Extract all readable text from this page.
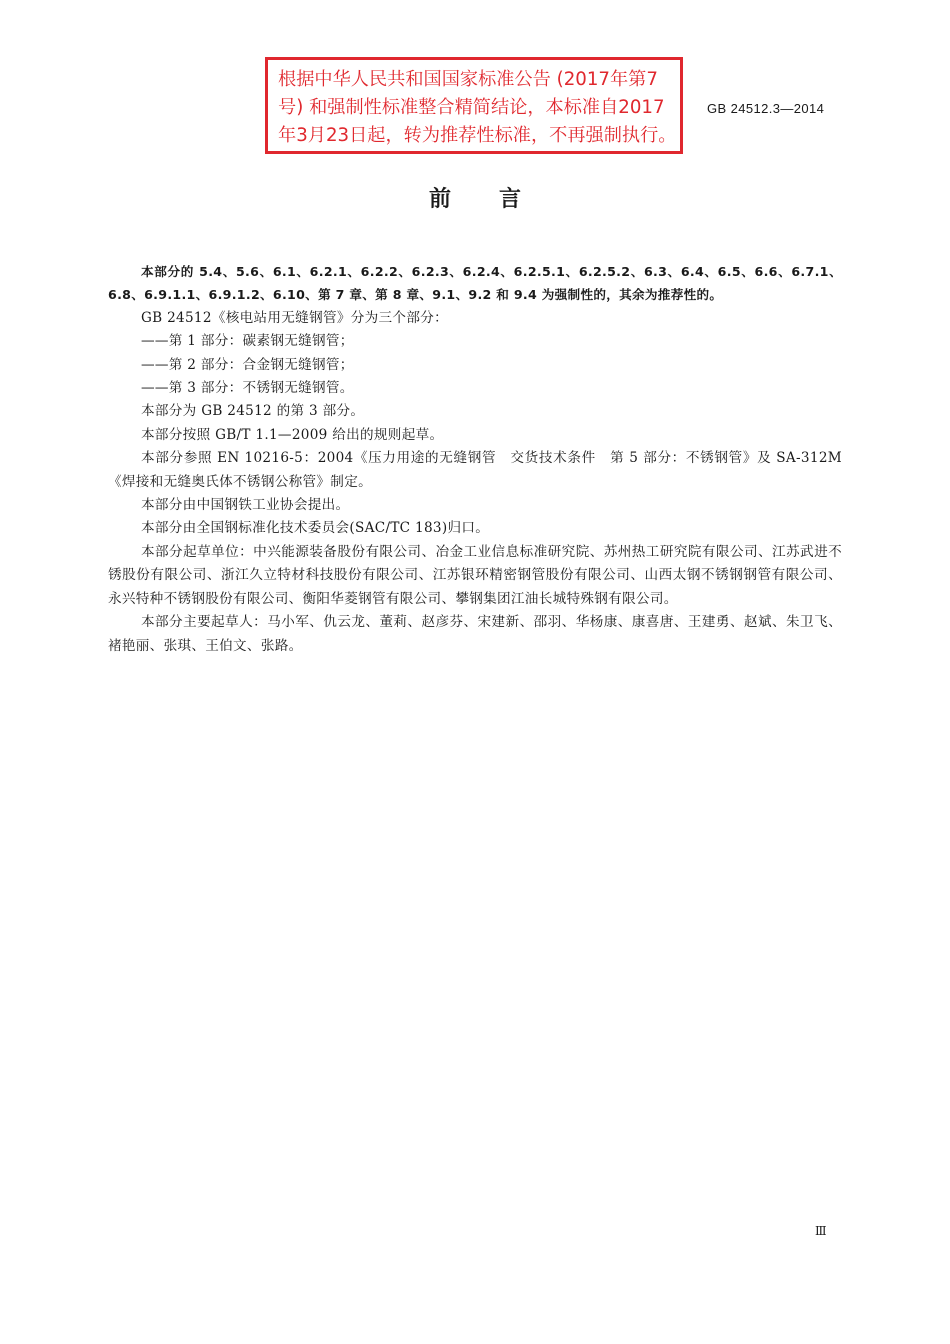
根据中华人民共和国国家标准公告 (2017年第7
号) 和强制性标准整合精简结论，本标准自2017
年3月23日起，转为推荐性标准，不再强制执行。
GB 24512.3—2014
前言

本部分的 5.4、5.6、6.1、6.2.1、6.2.2、6.2.3、6.2.4、6.2.5.1、6.2.5.2、6.3、6.4、6.5、6.6、6.7.1、6.8、6.9.1.1、6.9.1.2、6.10、第 7 章、第 8 章、9.1、9.2 和 9.4 为强制性的，其余为推荐性的。

GB 24512《核电站用无缝钢管》分为三个部分：

——第 1 部分：碳素钢无缝钢管；

——第 2 部分：合金钢无缝钢管；

——第 3 部分：不锈钢无缝钢管。

本部分为 GB 24512 的第 3 部分。

本部分按照 GB/T 1.1—2009 给出的规则起草。

本部分参照 EN 10216-5：2004《压力用途的无缝钢管　交货技术条件　第 5 部分：不锈钢管》及 SA-312M《焊接和无缝奥氏体不锈钢公称管》制定。

本部分由中国钢铁工业协会提出。

本部分由全国钢标准化技术委员会(SAC/TC 183)归口。

本部分起草单位：中兴能源装备股份有限公司、冶金工业信息标准研究院、苏州热工研究院有限公司、江苏武进不锈股份有限公司、浙江久立特材科技股份有限公司、江苏银环精密钢管股份有限公司、山西太钢不锈钢钢管有限公司、永兴特种不锈钢股份有限公司、衡阳华菱钢管有限公司、攀钢集团江油长城特殊钢有限公司。

本部分主要起草人：马小军、仇云龙、董莉、赵彦芬、宋建新、邵羽、华杨康、康喜唐、王建勇、赵斌、朱卫飞、褚艳丽、张琪、王伯文、张路。

Ⅲ
